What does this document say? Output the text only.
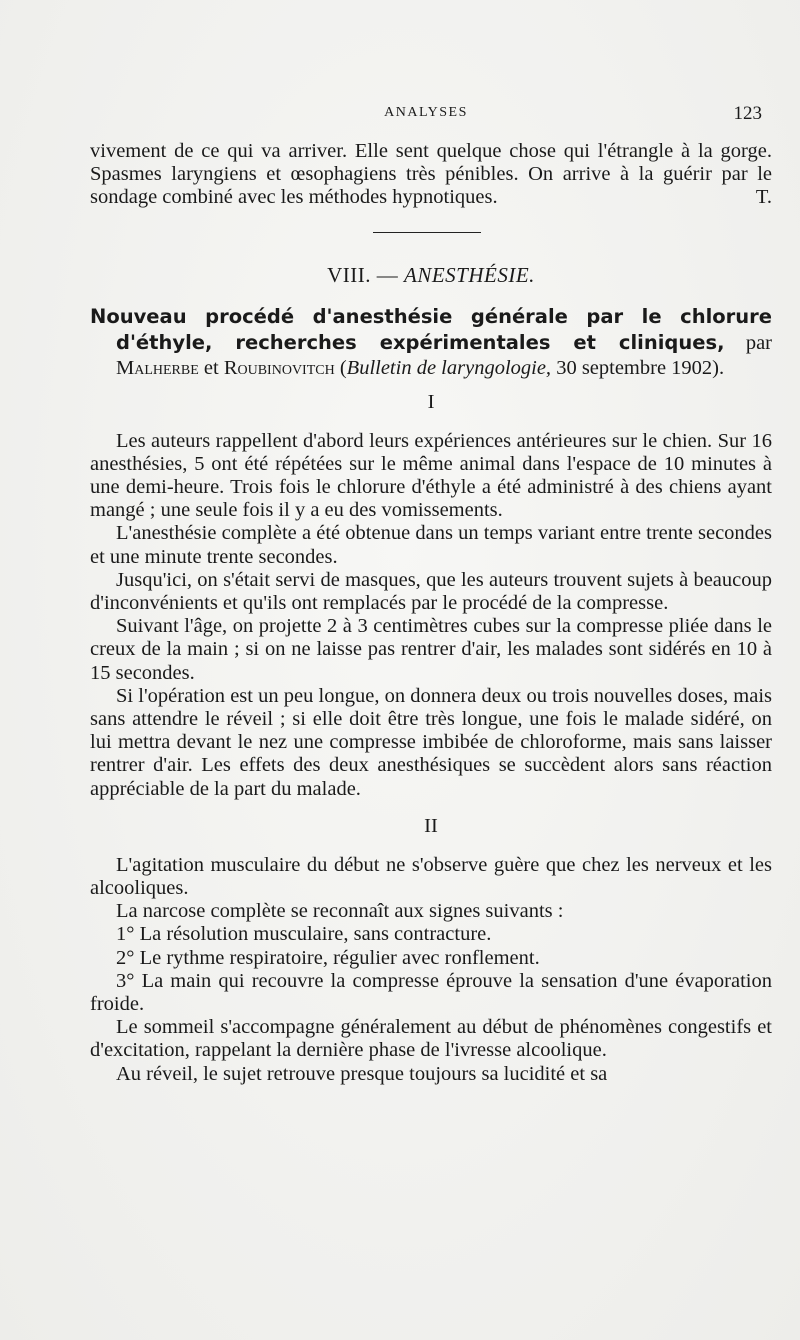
ANALYSES	123

vivement de ce qui va arriver. Elle sent quelque chose qui l'étrangle à la gorge. Spasmes laryngiens et œsophagiens très pénibles. On arrive à la guérir par le sondage combiné avec les méthodes hypnotiques.	T.

VIII. — ANESTHÉSIE.
Nouveau procédé d'anesthésie générale par le chlorure d'éthyle, recherches expérimentales et cliniques, par Malherbe et Roubinovitch (Bulletin de laryngologie, 30 septembre 1902).
I

Les auteurs rappellent d'abord leurs expériences antérieures sur le chien. Sur 16 anesthésies, 5 ont été répétées sur le même animal dans l'espace de 10 minutes à une demi-heure. Trois fois le chlorure d'éthyle a été administré à des chiens ayant mangé ; une seule fois il y a eu des vomissements.

L'anesthésie complète a été obtenue dans un temps variant entre trente secondes et une minute trente secondes.

Jusqu'ici, on s'était servi de masques, que les auteurs trouvent sujets à beaucoup d'inconvénients et qu'ils ont remplacés par le procédé de la compresse.

Suivant l'âge, on projette 2 à 3 centimètres cubes sur la compresse pliée dans le creux de la main ; si on ne laisse pas rentrer d'air, les malades sont sidérés en 10 à 15 secondes.

Si l'opération est un peu longue, on donnera deux ou trois nouvelles doses, mais sans attendre le réveil ; si elle doit être très longue, une fois le malade sidéré, on lui mettra devant le nez une compresse imbibée de chloroforme, mais sans laisser rentrer d'air. Les effets des deux anesthésiques se succèdent alors sans réaction appréciable de la part du malade.

II

L'agitation musculaire du début ne s'observe guère que chez les nerveux et les alcooliques.

La narcose complète se reconnaît aux signes suivants :

1° La résolution musculaire, sans contracture.

2° Le rythme respiratoire, régulier avec ronflement.

3° La main qui recouvre la compresse éprouve la sensation d'une évaporation froide.

Le sommeil s'accompagne généralement au début de phénomènes congestifs et d'excitation, rappelant la dernière phase de l'ivresse alcoolique.

Au réveil, le sujet retrouve presque toujours sa lucidité et sa
